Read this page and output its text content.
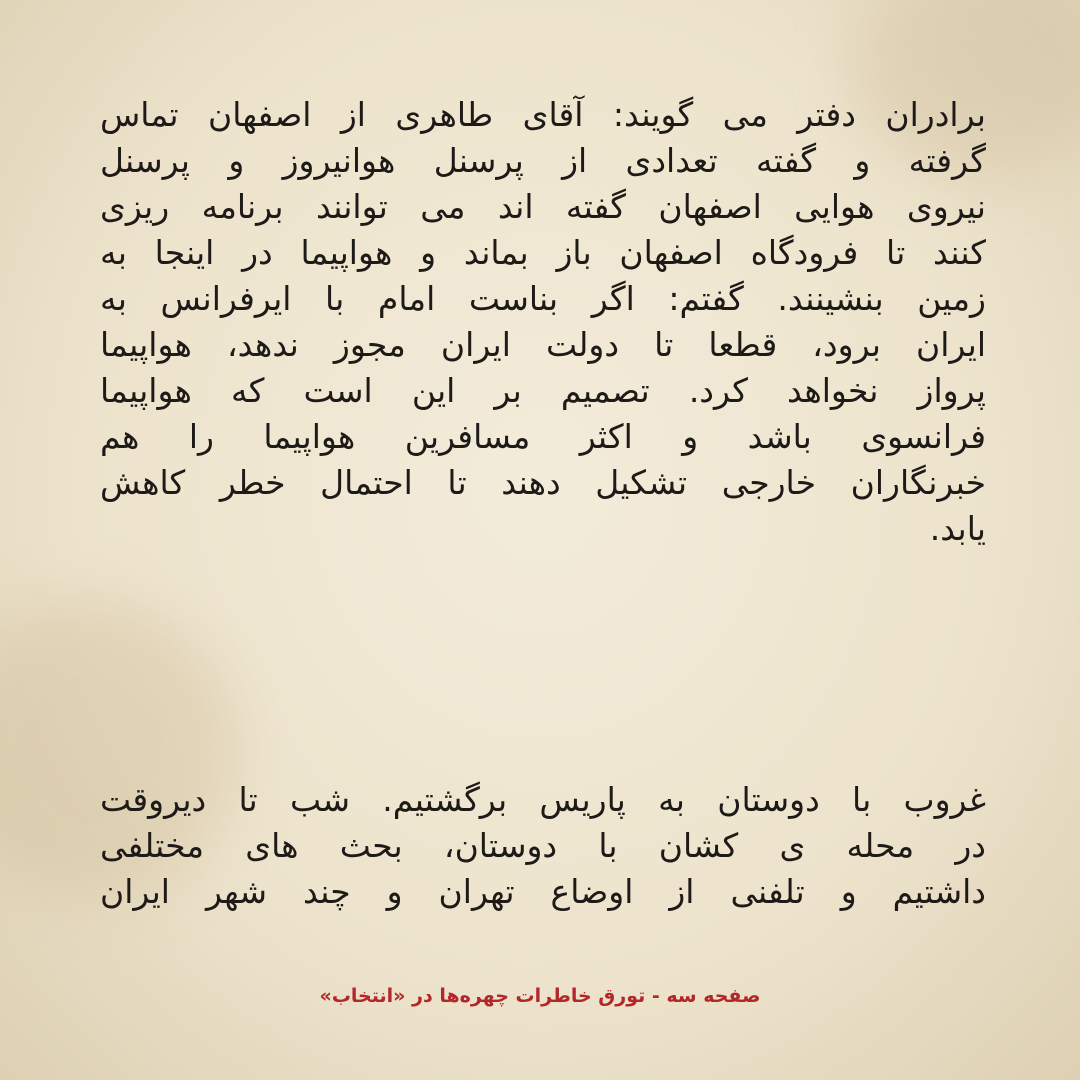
برادران دفتر می گویند: آقای طاهری از اصفهان تماس
گرفته و گفته تعدادی از پرسنل هوانیروز و پرسنل
نیروی هوایی اصفهان گفته اند می توانند برنامه ریزی
کنند تا فرودگاه اصفهان باز بماند و هواپیما در اینجا به
زمین بنشینند. گفتم: اگر بناست امام با ایرفرانس به
ایران برود، قطعا تا دولت ایران مجوز ندهد، هواپیما
پرواز نخواهد کرد. تصمیم بر این است که هواپیما
فرانسوی باشد و اکثر مسافرین هواپیما را هم
خبرنگاران خارجی تشکیل دهند تا احتمال خطر کاهش
یابد.
غروب با دوستان به پاریس برگشتیم. شب تا دیروقت
در محله ی کشان با دوستان، بحث های مختلفی
داشتیم و تلفنی از اوضاع تهران و چند شهر ایران
صفحه سه - تورق خاطرات چهره‌ها در «انتخاب»
